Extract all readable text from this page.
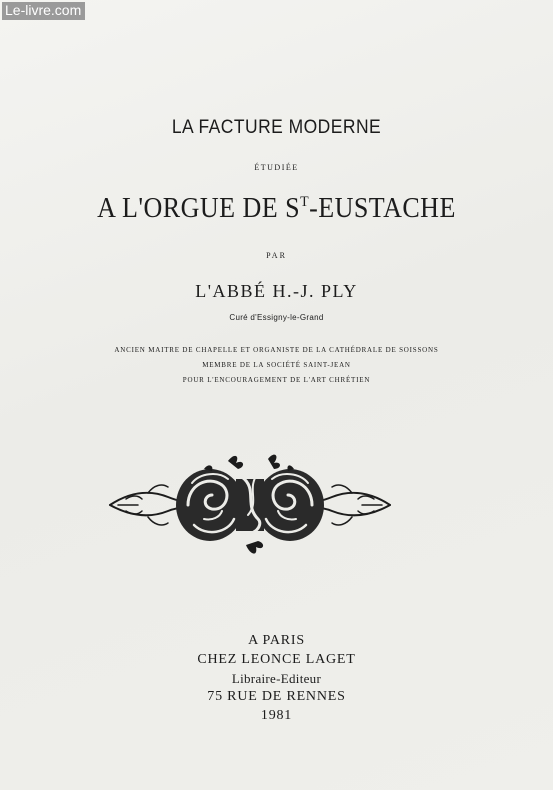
Le-livre.com
LA FACTURE MODERNE
ÉTUDIÉE
A L'ORGUE DE $S^T$-EUSTACHE
PAR
L'ABBÉ H.-J. PLY
Curé d'Essigny-le-Grand
ANCIEN MAITRE DE CHAPELLE ET ORGANISTE DE LA CATHÉDRALE DE SOISSONS
MEMBRE DE LA SOCIÉTÉ SAINT-JEAN
POUR L'ENCOURAGEMENT DE L'ART CHRÉTIEN
A PARIS
CHEZ LEONCE LAGET
Libraire-Editeur
75 RUE DE RENNES
1981
